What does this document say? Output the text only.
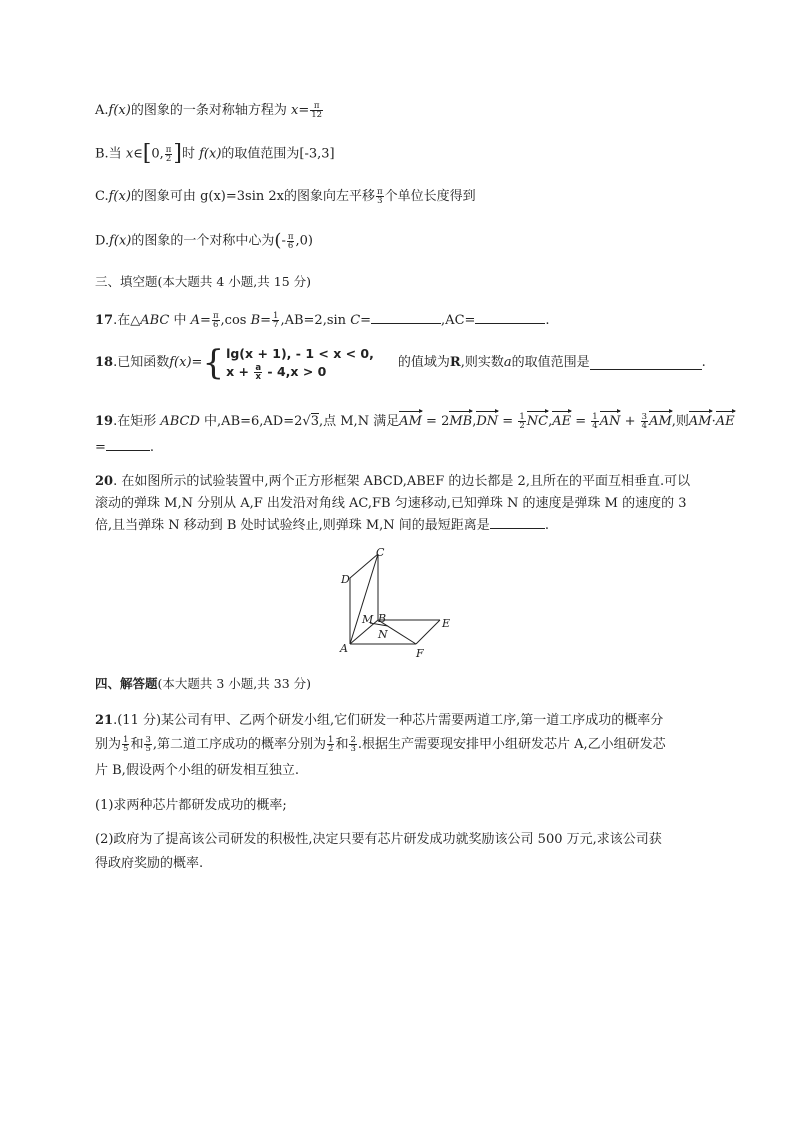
A.f(x)的图象的一条对称轴方程为 $x= \frac{\pi}{12}$
B.当 x∈[0, $\frac{\pi}{2}$ ]时 f(x)的取值范围为[-3,3]
C.f(x)的图象可由 g(x)=3sin 2x的图象向左平移 $\frac{\pi}{3}$ 个单位长度得到
D.f(x)的图象的一个对称中心为(- $\frac{\pi}{6} ,0$)
三、填空题(本大题共 4 小题,共 15 分)
17.在△ABC 中 $A= \frac{\pi}{6} ,\cos$ $B= \frac{1}{7} ,AB=2,\sin$ C=	,AC=	.
18 .已知函数 f(x) = { lg(x + 1), - 1 < x < 0,
$x + \frac{a}{x} - 4,x > 0$
的值域为 R ,则实数 a 的取值范围是	.
19.在矩形 ABCD 中,AB=6,AD=2√3,点 M,N 满足AM = $2MB,DN = \frac{1}{2} NC,AE = \frac{1}{4}$ AN + $\frac{3}{4}$ AM,则AM·AE
=	.
20. 在如图所示的试验装置中,两个正方形框架 ABCD,ABEF 的边长都是 2,且所在的平面互相垂直.可以滚动的弹珠 M,N 分别从 A,F 出发沿对角线 AC,FB 匀速移动,已知弹珠 N 的速度是弹珠 M 的速度的 3 倍,且当弹珠 N 移动到 B 处时试验终止,则弹珠 M,N 间的最短距离是	.
A
B
C
D
E
F
M
N
四、解答题(本大题共 3 小题,共 33 分)
21.(11 分)某公司有甲、乙两个研发小组,它们研发一种芯片需要两道工序,第一道工序成功的概率分
别为 $\frac{1}{5}$ 和 $\frac{3}{5}$ ,第二道工序成功的概率分别为 $\frac{1}{2}$ 和 $\frac{2}{3}$ .根据生产需要现安排甲小组研发芯片 A,乙小组研发芯
片 B,假设两个小组的研发相互独立.
(1)求两种芯片都研发成功的概率;
(2)政府为了提高该公司研发的积极性,决定只要有芯片研发成功就奖励该公司 500 万元,求该公司获
得政府奖励的概率.
